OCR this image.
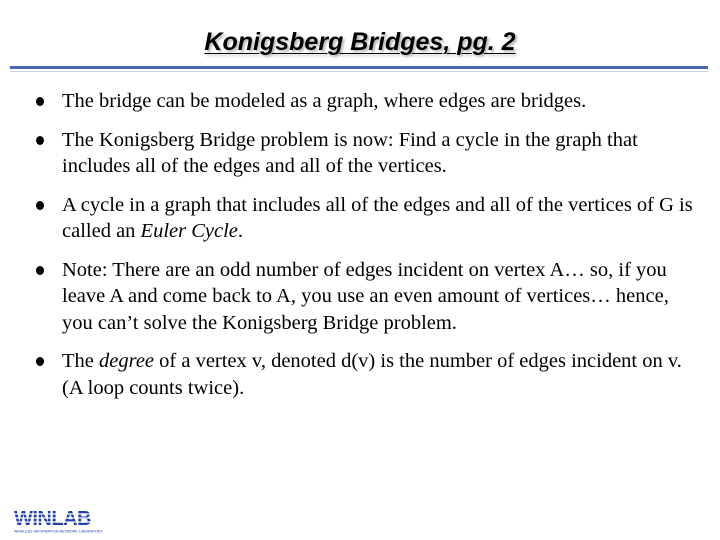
Konigsberg Bridges, pg. 2
The bridge can be modeled as a graph, where edges are bridges.
The Konigsberg Bridge problem is now: Find a cycle in the graph that includes all of the edges and all of the vertices.
A cycle in a graph that includes all of the edges and all of the vertices of G is called an Euler Cycle.
Note: There are an odd number of edges incident on vertex A… so, if you leave A and come back to A, you use an even amount of vertices… hence, you can’t solve the Konigsberg Bridge problem.
The degree of a vertex v, denoted d(v) is the number of edges incident on v. (A loop counts twice).
WINLAB
WIRELESS INFORMATION NETWORK LABORATORY
